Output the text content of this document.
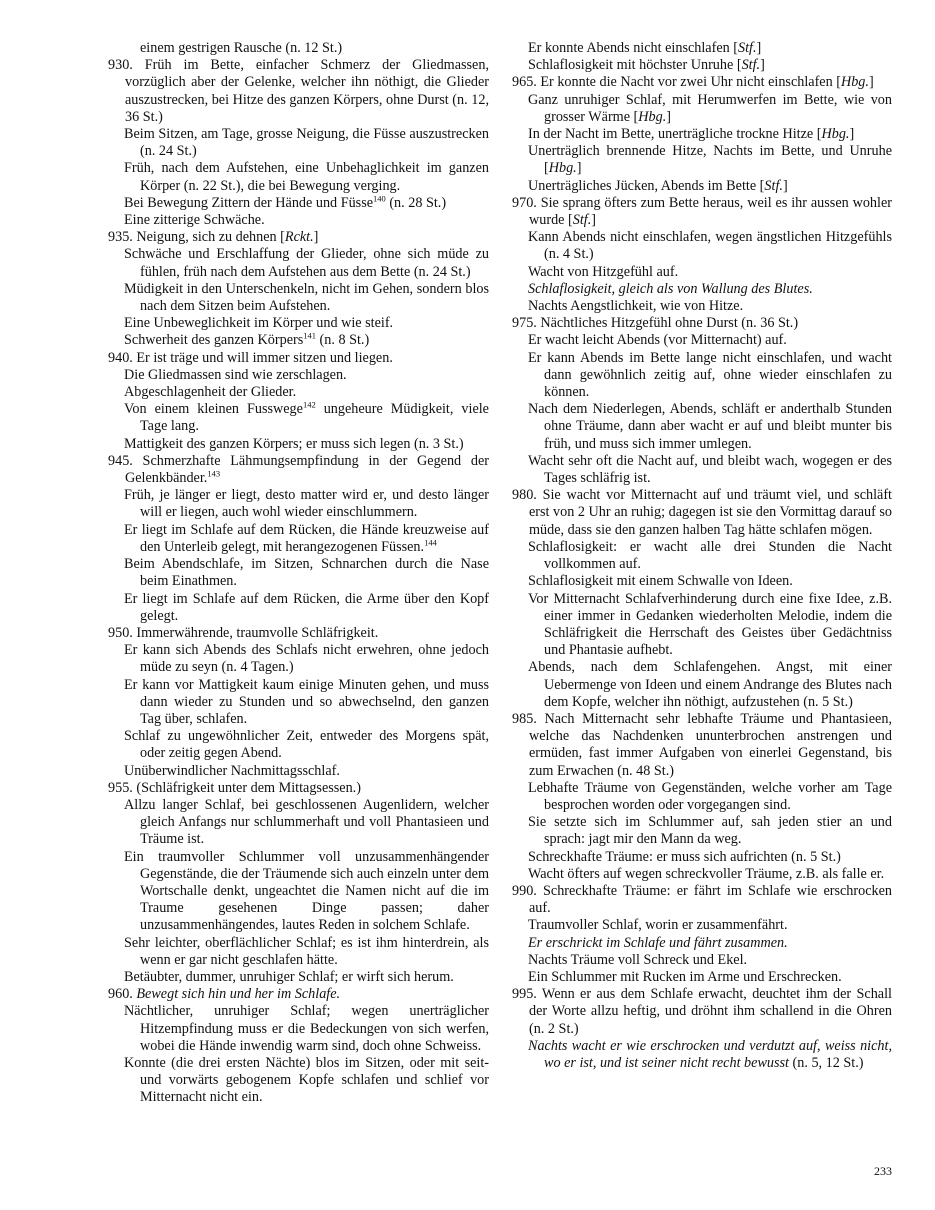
einem gestrigen Rausche (n. 12 St.)

930. Früh im Bette, einfacher Schmerz der Gliedmassen, vorzüglich aber der Gelenke, welcher ihn nöthigt, die Glieder auszustrecken, bei Hitze des ganzen Körpers, ohne Durst (n. 12, 36 St.)

Beim Sitzen, am Tage, grosse Neigung, die Füsse auszustrecken (n. 24 St.)

Früh, nach dem Aufstehen, eine Unbehaglichkeit im ganzen Körper (n. 22 St.), die bei Bewegung verging.

Bei Bewegung Zittern der Hände und Füsse$^{140}$ (n. 28 St.)

Eine zitterige Schwäche.

935. Neigung, sich zu dehnen [Rckt.]

Schwäche und Erschlaffung der Glieder, ohne sich müde zu fühlen, früh nach dem Aufstehen aus dem Bette (n. 24 St.)

Müdigkeit in den Unterschenkeln, nicht im Gehen, sondern blos nach dem Sitzen beim Aufstehen.

Eine Unbeweglichkeit im Körper und wie steif.

Schwerheit des ganzen Körpers$^{141}$ (n. 8 St.)

940. Er ist träge und will immer sitzen und liegen.

Die Gliedmassen sind wie zerschlagen.

Abgeschlagenheit der Glieder.

Von einem kleinen Fusswege$^{142}$ ungeheure Müdigkeit, viele Tage lang.

Mattigkeit des ganzen Körpers; er muss sich legen (n. 3 St.)

945. Schmerzhafte Lähmungsempfindung in der Gegend der Gelenkbänder.$^{143}$

Früh, je länger er liegt, desto matter wird er, und desto länger will er liegen, auch wohl wieder einschlummern.

Er liegt im Schlafe auf dem Rücken, die Hände kreuzweise auf den Unterleib gelegt, mit herangezogenen Füssen.$^{144}$

Beim Abendschlafe, im Sitzen, Schnarchen durch die Nase beim Einathmen.

Er liegt im Schlafe auf dem Rücken, die Arme über den Kopf gelegt.

950. Immerwährende, traumvolle Schläfrigkeit.

Er kann sich Abends des Schlafs nicht erwehren, ohne jedoch müde zu seyn (n. 4 Tagen.)

Er kann vor Mattigkeit kaum einige Minuten gehen, und muss dann wieder zu Stunden und so abwechselnd, den ganzen Tag über, schlafen.

Schlaf zu ungewöhnlicher Zeit, entweder des Morgens spät, oder zeitig gegen Abend.

Unüberwindlicher Nachmittagsschlaf.

955. (Schläfrigkeit unter dem Mittagsessen.)

Allzu langer Schlaf, bei geschlossenen Augenlidern, welcher gleich Anfangs nur schlummerhaft und voll Phantasieen und Träume ist.

Ein traumvoller Schlummer voll unzusammenhängender Gegenstände, die der Träumende sich auch einzeln unter dem Wortschalle denkt, ungeachtet die Namen nicht auf die im Traume gesehenen Dinge passen; daher unzusammenhängendes, lautes Reden in solchem Schlafe.

Sehr leichter, oberflächlicher Schlaf; es ist ihm hinterdrein, als wenn er gar nicht geschlafen hätte.

Betäubter, dummer, unruhiger Schlaf; er wirft sich herum.

960. Bewegt sich hin und her im Schlafe.

Nächtlicher, unruhiger Schlaf; wegen unerträglicher Hitzempfindung muss er die Bedeckungen von sich werfen, wobei die Hände inwendig warm sind, doch ohne Schweiss.

Konnte (die drei ersten Nächte) blos im Sitzen, oder mit seit- und vorwärts gebogenem Kopfe schlafen und schlief vor Mitternacht nicht ein.

Er konnte Abends nicht einschlafen [Stf.]

Schlaflosigkeit mit höchster Unruhe [Stf.]

965. Er konnte die Nacht vor zwei Uhr nicht einschlafen [Hbg.]

Ganz unruhiger Schlaf, mit Herumwerfen im Bette, wie von grosser Wärme [Hbg.]

In der Nacht im Bette, unerträgliche trockne Hitze [Hbg.]

Unerträglich brennende Hitze, Nachts im Bette, und Unruhe [Hbg.]

Unerträgliches Jücken, Abends im Bette [Stf.]

970. Sie sprang öfters zum Bette heraus, weil es ihr aussen wohler wurde [Stf.]

Kann Abends nicht einschlafen, wegen ängstlichen Hitzgefühls (n. 4 St.)

Wacht von Hitzgefühl auf.

Schlaflosigkeit, gleich als von Wallung des Blutes.

Nachts Aengstlichkeit, wie von Hitze.

975. Nächtliches Hitzgefühl ohne Durst (n. 36 St.)

Er wacht leicht Abends (vor Mitternacht) auf.

Er kann Abends im Bette lange nicht einschlafen, und wacht dann gewöhnlich zeitig auf, ohne wieder einschlafen zu können.

Nach dem Niederlegen, Abends, schläft er anderthalb Stunden ohne Träume, dann aber wacht er auf und bleibt munter bis früh, und muss sich immer umlegen.

Wacht sehr oft die Nacht auf, und bleibt wach, wogegen er des Tages schläfrig ist.

980. Sie wacht vor Mitternacht auf und träumt viel, und schläft erst von 2 Uhr an ruhig; dagegen ist sie den Vormittag darauf so müde, dass sie den ganzen halben Tag hätte schlafen mögen.

Schlaflosigkeit: er wacht alle drei Stunden die Nacht vollkommen auf.

Schlaflosigkeit mit einem Schwalle von Ideen.

Vor Mitternacht Schlafverhinderung durch eine fixe Idee, z.B. einer immer in Gedanken wiederholten Melodie, indem die Schläfrigkeit die Herrschaft des Geistes über Gedächtniss und Phantasie aufhebt.

Abends, nach dem Schlafengehen. Angst, mit einer Uebermenge von Ideen und einem Andrange des Blutes nach dem Kopfe, welcher ihn nöthigt, aufzustehen (n. 5 St.)

985. Nach Mitternacht sehr lebhafte Träume und Phantasieen, welche das Nachdenken ununterbrochen anstrengen und ermüden, fast immer Aufgaben von einerlei Gegenstand, bis zum Erwachen (n. 48 St.)

Lebhafte Träume von Gegenständen, welche vorher am Tage besprochen worden oder vorgegangen sind.

Sie setzte sich im Schlummer auf, sah jeden stier an und sprach: jagt mir den Mann da weg.

Schreckhafte Träume: er muss sich aufrichten (n. 5 St.)

Wacht öfters auf wegen schreckvoller Träume, z.B. als falle er.

990. Schreckhafte Träume: er fährt im Schlafe wie erschrocken auf.

Traumvoller Schlaf, worin er zusammenfährt.

Er erschrickt im Schlafe und fährt zusammen.

Nachts Träume voll Schreck und Ekel.

Ein Schlummer mit Rucken im Arme und Erschrecken.

995. Wenn er aus dem Schlafe erwacht, deuchtet ihm der Schall der Worte allzu heftig, und dröhnt ihm schallend in die Ohren (n. 2 St.)

Nachts wacht er wie erschrocken und verdutzt auf, weiss nicht, wo er ist, und ist seiner nicht recht bewusst (n. 5, 12 St.)

233
